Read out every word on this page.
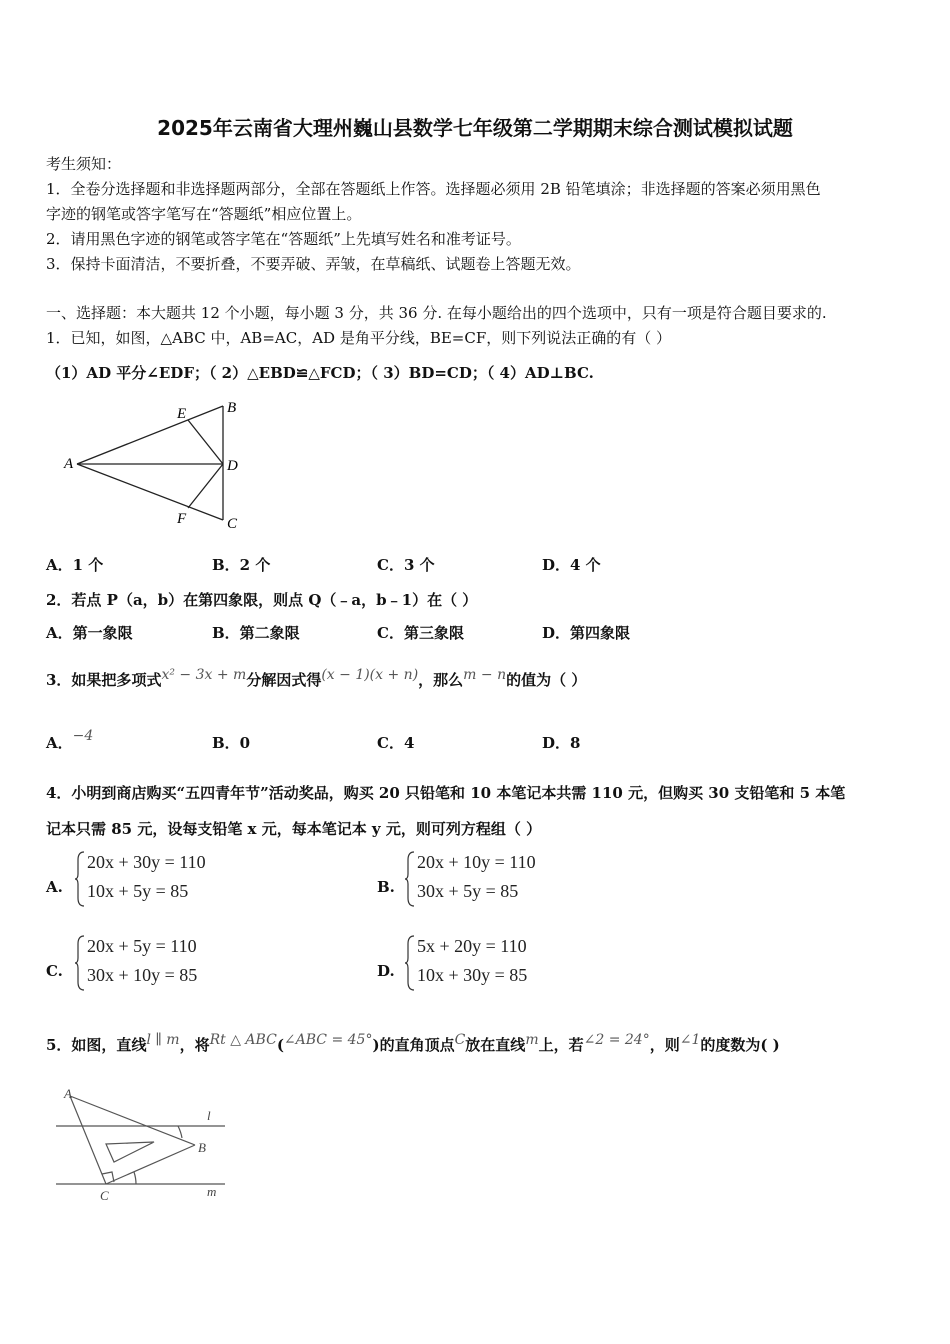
2025年云南省大理州巍山县数学七年级第二学期期末综合测试模拟试题
考生须知：
1．全卷分选择题和非选择题两部分，全部在答题纸上作答。选择题必须用 2B 铅笔填涂；非选择题的答案必须用黑色
字迹的钢笔或答字笔写在“答题纸”相应位置上。
2．请用黑色字迹的钢笔或答字笔在“答题纸”上先填写姓名和准考证号。
3．保持卡面清洁，不要折叠，不要弄破、弄皱，在草稿纸、试题卷上答题无效。
一、选择题：本大题共 12 个小题，每小题 3 分，共 36 分. 在每小题给出的四个选项中，只有一项是符合题目要求的.
1．已知，如图，△ABC 中，AB=AC，AD 是角平分线，BE=CF，则下列说法正确的有（ ）
（1）AD 平分∠EDF；（ 2）△EBD≌△FCD；（ 3）BD=CD；（ 4）AD⊥BC.
A
E	B
D
F	C
A．1 个	B．2 个	C．3 个	D．4 个
2．若点 P（a，b）在第四象限，则点 Q（﹣a，b﹣1）在（ ）
A．第一象限	B．第二象限	C．第三象限	D．第四象限
3．如果把多项式x² − 3x + m分解因式得(x − 1)(x + n)，那么m − n的值为（ ）
A．−4	B．0	C．4	D．8
4．小明到商店购买“五四青年节”活动奖品，购买 20 只铅笔和 10 本笔记本共需 110 元，但购买 30 支铅笔和 5 本笔
记本只需 85 元，设每支铅笔 x 元，每本笔记本 y 元，则可列方程组（ ）
A.
20x + 30y = 110
10x + 5y = 85	B.
20x + 10y = 110
30x + 5y = 85
C.
20x + 5y = 110
30x + 10y = 85	D.
5x + 20y = 110
10x + 30y = 85
5．如图，直线l ∥ m，将Rt △ ABC(∠ABC = 45°)的直角顶点C放在直线m上，若∠2 = 24°，则∠1的度数为( )
A
B
C
l
m
